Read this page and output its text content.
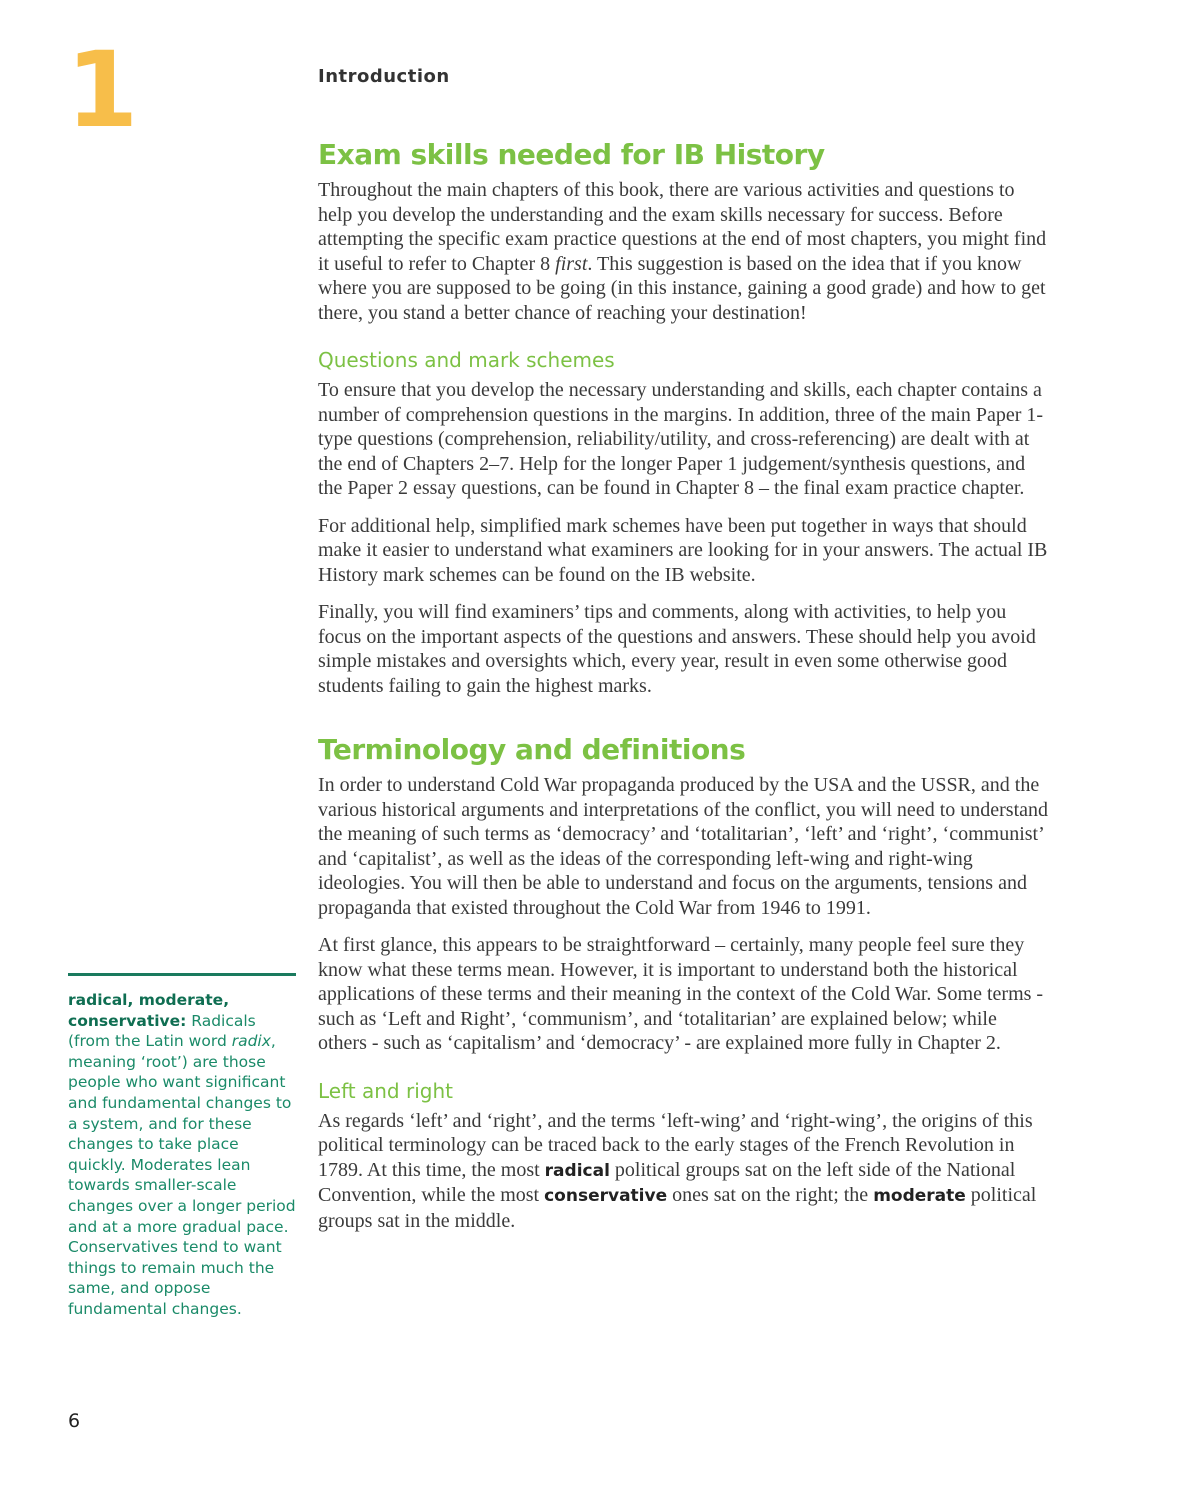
1	Introduction
Exam skills needed for IB History

Throughout the main chapters of this book, there are various activities and questions to help you develop the understanding and the exam skills necessary for success. Before attempting the specific exam practice questions at the end of most chapters, you might find it useful to refer to Chapter 8 first. This suggestion is based on the idea that if you know where you are supposed to be going (in this instance, gaining a good grade) and how to get there, you stand a better chance of reaching your destination!

Questions and mark schemes

To ensure that you develop the necessary understanding and skills, each chapter contains a number of comprehension questions in the margins. In addition, three of the main Paper 1-type questions (comprehension, reliability/utility, and cross-referencing) are dealt with at the end of Chapters 2–7. Help for the longer Paper 1 judgement/synthesis questions, and the Paper 2 essay questions, can be found in Chapter 8 – the final exam practice chapter.

For additional help, simplified mark schemes have been put together in ways that should make it easier to understand what examiners are looking for in your answers. The actual IB History mark schemes can be found on the IB website.

Finally, you will find examiners’ tips and comments, along with activities, to help you focus on the important aspects of the questions and answers. These should help you avoid simple mistakes and oversights which, every year, result in even some otherwise good students failing to gain the highest marks.

Terminology and definitions

In order to understand Cold War propaganda produced by the USA and the USSR, and the various historical arguments and interpretations of the conflict, you will need to understand the meaning of such terms as ‘democracy’ and ‘totalitarian’, ‘left’ and ‘right’, ‘communist’ and ‘capitalist’, as well as the ideas of the corresponding left-wing and right-wing ideologies. You will then be able to understand and focus on the arguments, tensions and propaganda that existed throughout the Cold War from 1946 to 1991.

At first glance, this appears to be straightforward – certainly, many people feel sure they know what these terms mean. However, it is important to understand both the historical applications of these terms and their meaning in the context of the Cold War. Some terms - such as ‘Left and Right’, ‘communism’, and ‘totalitarian’ are explained below; while others - such as ‘capitalism’ and ‘democracy’ - are explained more fully in Chapter 2.

Left and right

As regards ‘left’ and ‘right’, and the terms ‘left-wing’ and ‘right-wing’, the origins of this political terminology can be traced back to the early stages of the French Revolution in 1789. At this time, the most radical political groups sat on the left side of the National Convention, while the most conservative ones sat on the right; the moderate political groups sat in the middle.

radical, moderate, conservative: Radicals (from the Latin word radix, meaning ‘root’) are those people who want significant and fundamental changes to a system, and for these changes to take place quickly. Moderates lean towards smaller-scale changes over a longer period and at a more gradual pace. Conservatives tend to want things to remain much the same, and oppose fundamental changes.
6
